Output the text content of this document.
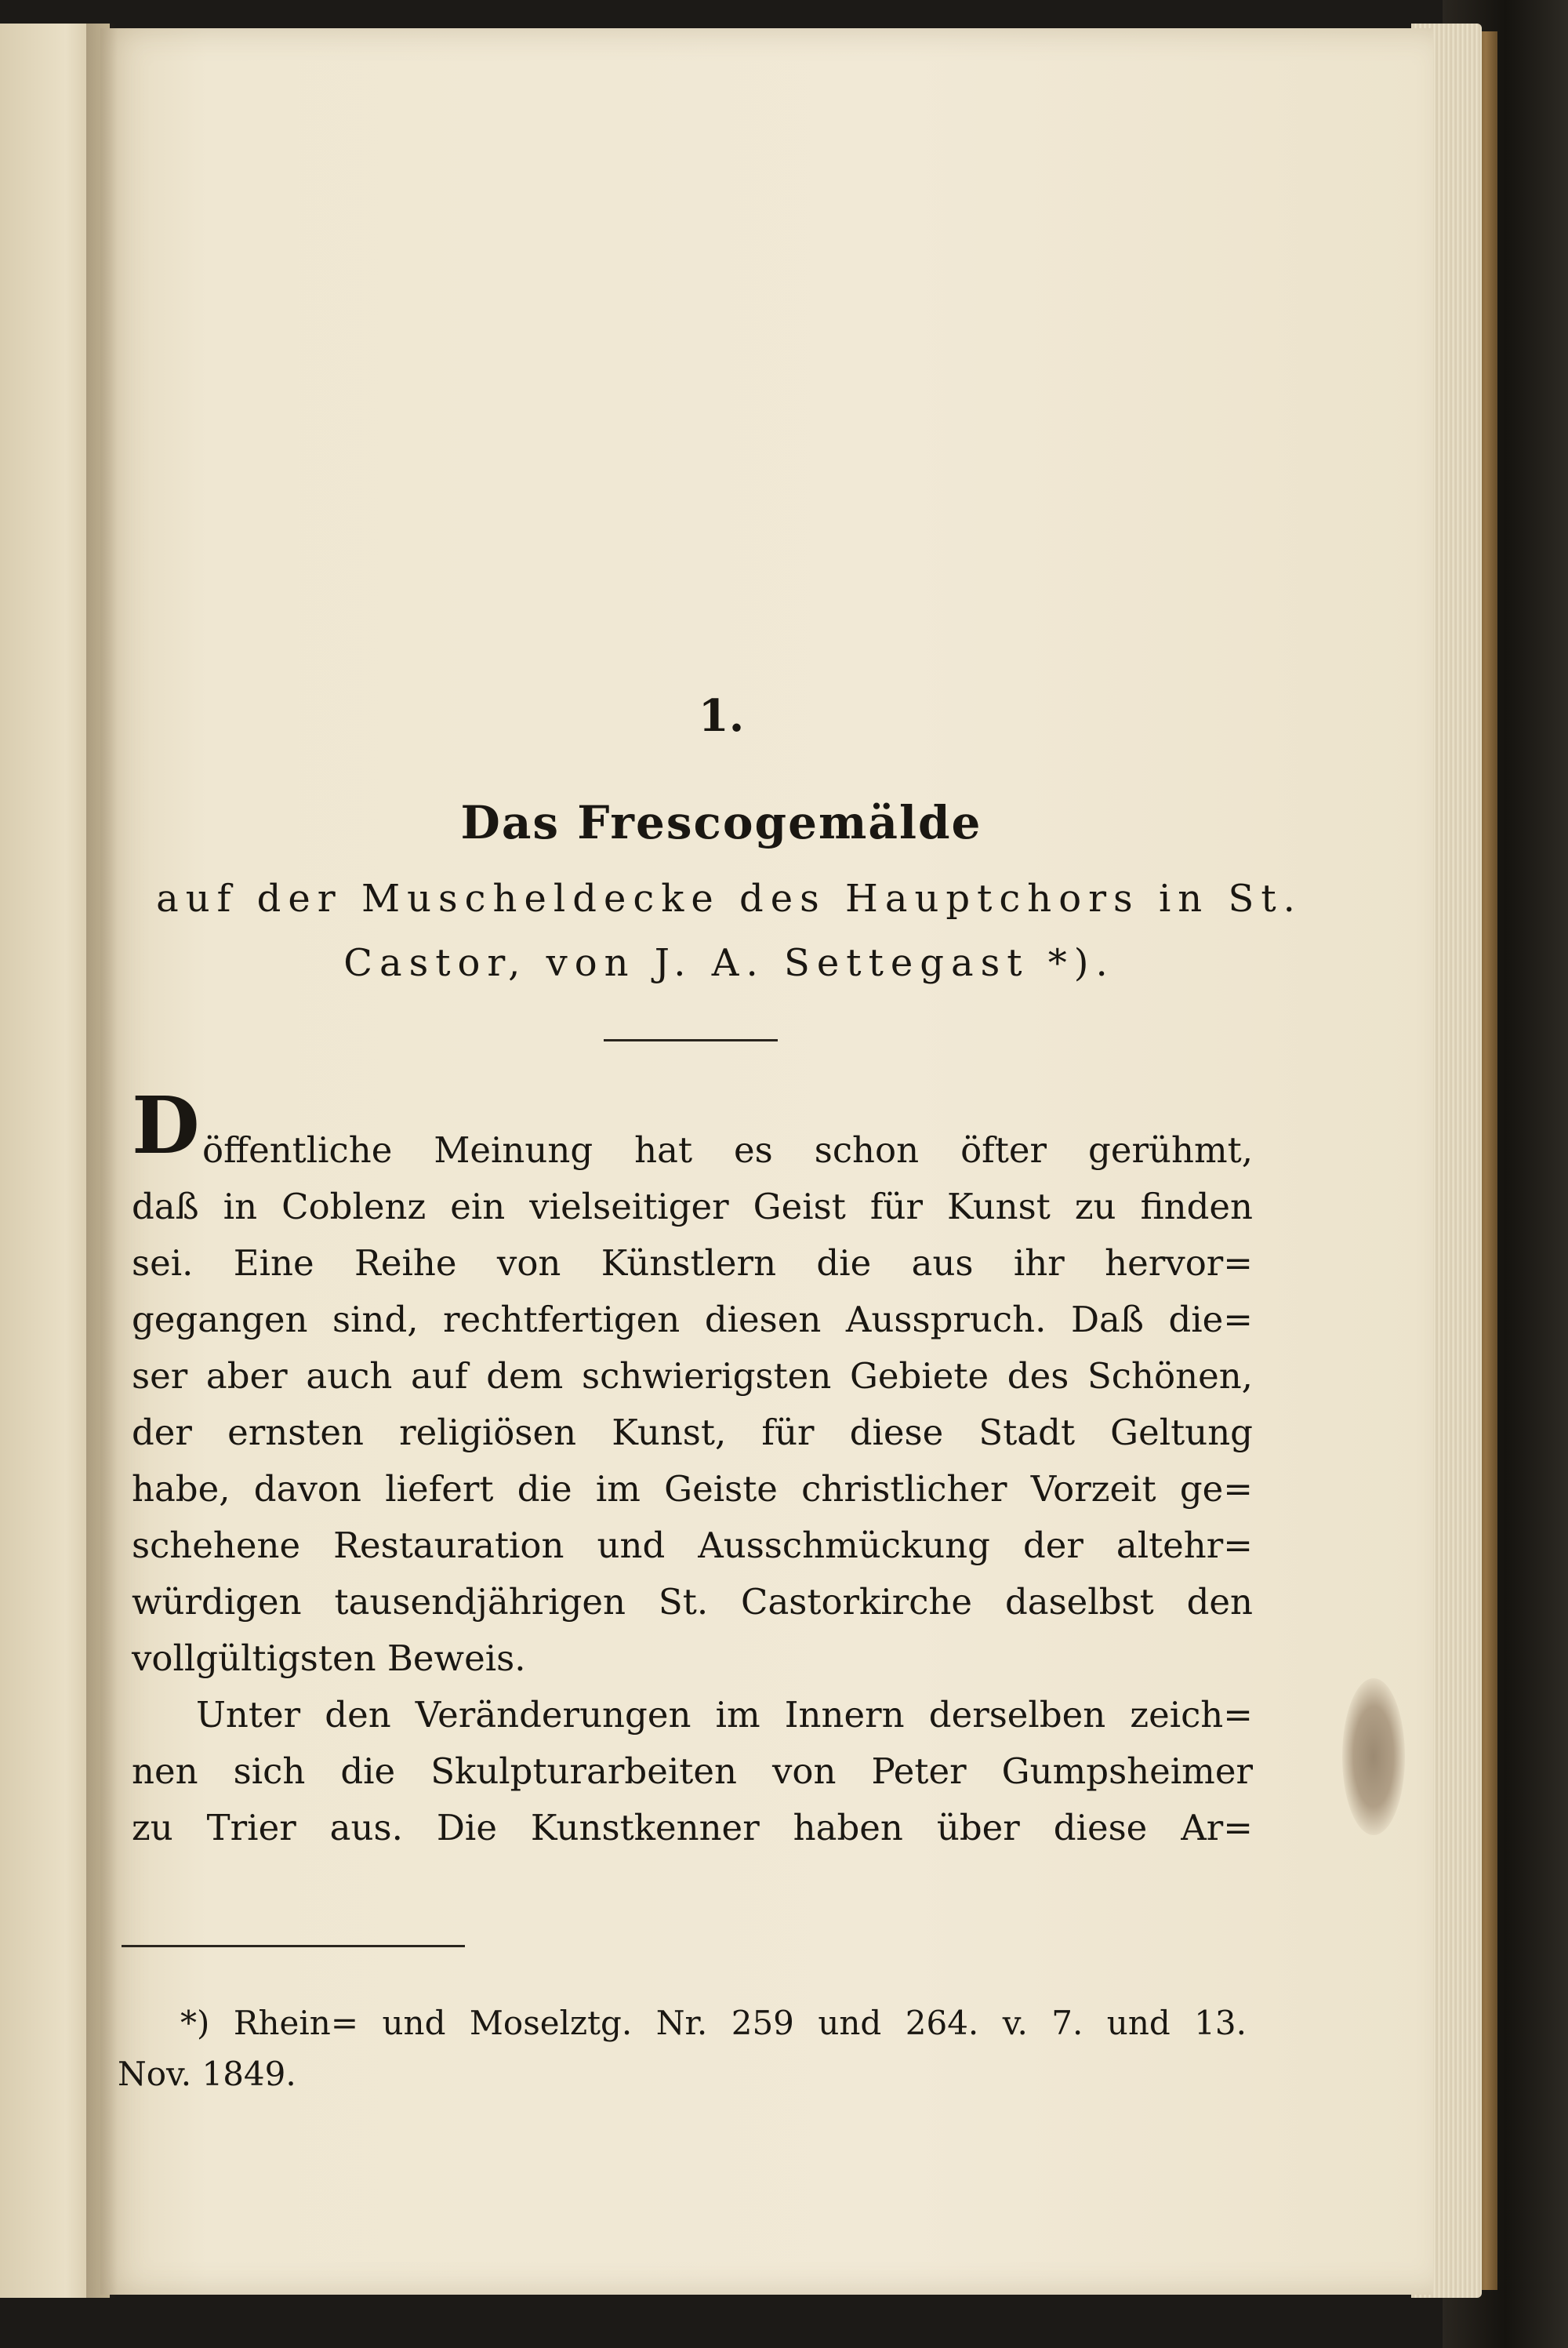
1.
Das Frescogemälde
auf der Muscheldecke des Hauptchors in St.
Castor, von J. A. Settegast *).
D öffentliche Meinung hat es schon öfter gerühmt,
daß in Coblenz ein vielseitiger Geist für Kunst zu finden
sei. Eine Reihe von Künstlern die aus ihr hervor=
gegangen sind, rechtfertigen diesen Ausspruch. Daß die=
ser aber auch auf dem schwierigsten Gebiete des Schönen,
der ernsten religiösen Kunst, für diese Stadt Geltung
habe, davon liefert die im Geiste christlicher Vorzeit ge=
schehene Restauration und Ausschmückung der altehr=
würdigen tausendjährigen St. Castorkirche daselbst den
vollgültigsten Beweis.
Unter den Veränderungen im Innern derselben zeich=
nen sich die Skulpturarbeiten von Peter Gumpsheimer
zu Trier aus. Die Kunstkenner haben über diese Ar=
*) Rhein= und Moselztg. Nr. 259 und 264. v. 7. und 13.
Nov. 1849.
